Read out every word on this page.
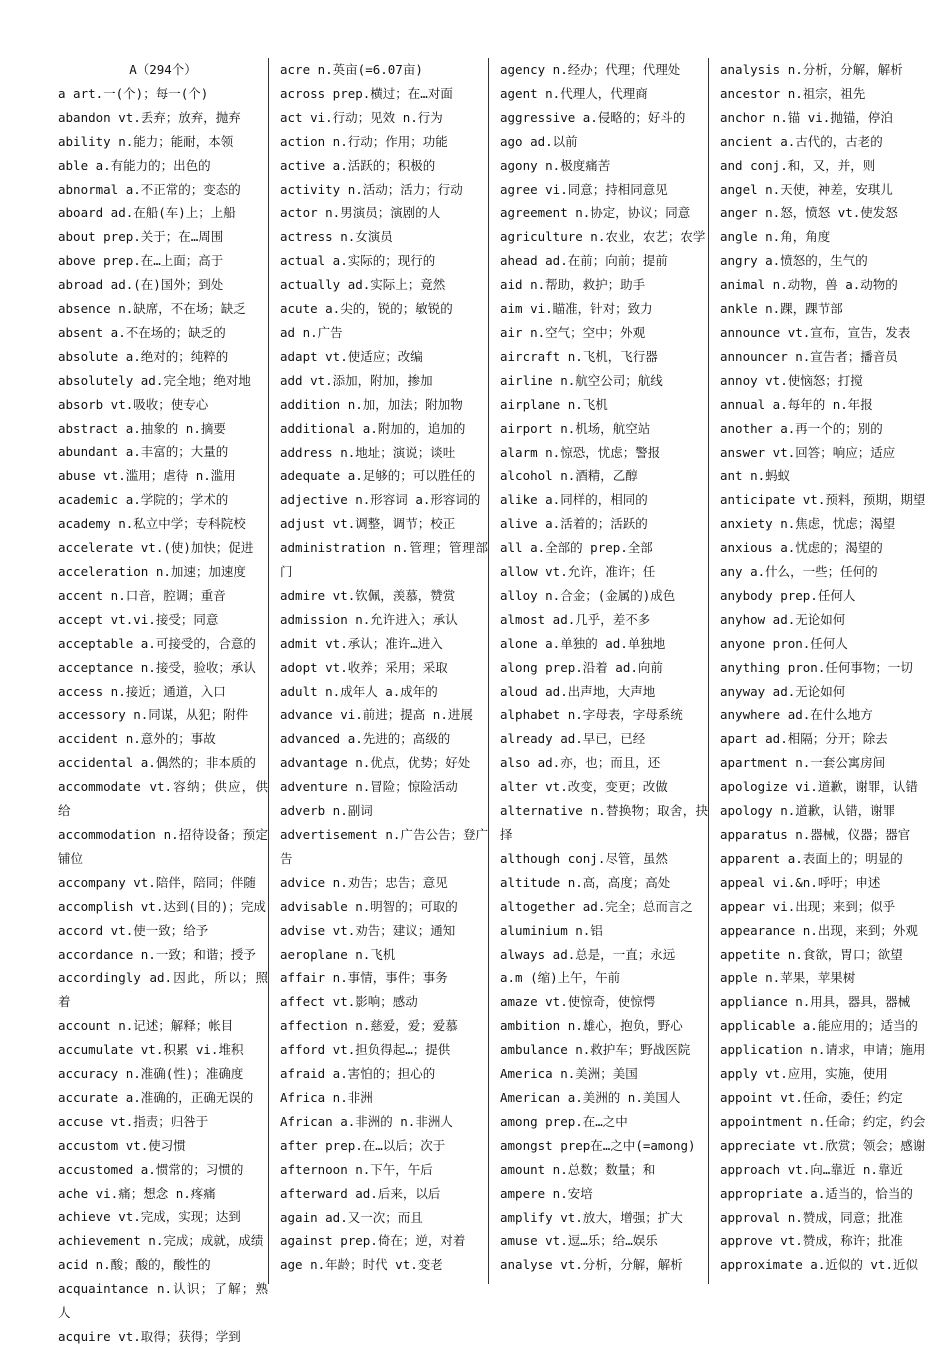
A（294个）
a art.一(个)；每一(个)
abandon vt.丢弃；放弃，抛弃
ability n.能力；能耐，本领
able a.有能力的；出色的
abnormal a.不正常的；变态的
aboard ad.在船(车)上；上船
about prep.关于；在…周围
above prep.在…上面；高于
abroad ad.(在)国外；到处
absence n.缺席，不在场；缺乏
absent a.不在场的；缺乏的
absolute a.绝对的；纯粹的
absolutely ad.完全地；绝对地
absorb vt.吸收；使专心
abstract a.抽象的 n.摘要
abundant a.丰富的；大量的
abuse vt.滥用；虐待 n.滥用
academic a.学院的；学术的
academy n.私立中学；专科院校
accelerate vt.(使)加快；促进
acceleration n.加速；加速度
accent n.口音，腔调；重音
accept vt.vi.接受；同意
acceptable a.可接受的，合意的
acceptance n.接受，验收；承认
access n.接近；通道，入口
accessory n.同谋，从犯；附件
accident n.意外的；事故
accidental a.偶然的；非本质的
accommodate vt.容纳；供应，供给
accommodation n.招待设备；预定铺位
accompany vt.陪伴，陪同；伴随
accomplish vt.达到(目的)；完成
accord vt.使一致；给予
accordance n.一致；和谐；授予
accordingly ad.因此，所以；照着
account n.记述；解释；帐目
accumulate vt.积累 vi.堆积
accuracy n.准确(性)；准确度
accurate a.准确的，正确无误的
accuse vt.指责；归咎于
accustom vt.使习惯
accustomed a.惯常的；习惯的
ache vi.痛；想念 n.疼痛
achieve vt.完成，实现；达到
achievement n.完成；成就，成绩
acid n.酸；酸的，酸性的
acquaintance n.认识；了解；熟人
acquire vt.取得；获得；学到
acre n.英亩(=6.07亩)
across prep.横过；在…对面
act vi.行动；见效 n.行为
action n.行动；作用；功能
active a.活跃的；积极的
activity n.活动；活力；行动
actor n.男演员；演剧的人
actress n.女演员
actual a.实际的；现行的
actually ad.实际上；竟然
acute a.尖的，锐的；敏锐的
ad n.广告
adapt vt.使适应；改编
add vt.添加，附加，掺加
addition n.加，加法；附加物
additional a.附加的，追加的
address n.地址；演说；谈吐
adequate a.足够的；可以胜任的
adjective n.形容词 a.形容词的
adjust vt.调整，调节；校正
administration n.管理；管理部门
admire vt.钦佩，羡慕，赞赏
admission n.允许进入；承认
admit vt.承认；准许…进入
adopt vt.收养；采用；采取
adult n.成年人 a.成年的
advance vi.前进；提高 n.进展
advanced a.先进的；高级的
advantage n.优点，优势；好处
adventure n.冒险；惊险活动
adverb n.副词
advertisement n.广告公告；登广告
advice n.劝告；忠告；意见
advisable n.明智的；可取的
advise vt.劝告；建议；通知
aeroplane n.飞机
affair n.事情，事件；事务
affect vt.影响；感动
affection n.慈爱，爱；爱慕
afford vt.担负得起…；提供
afraid a.害怕的；担心的
Africa n.非洲
African a.非洲的 n.非洲人
after prep.在…以后；次于
afternoon n.下午，午后
afterward ad.后来，以后
again ad.又一次；而且
against prep.倚在；逆，对着
age n.年龄；时代 vt.变老
agency n.经办；代理；代理处
agent n.代理人，代理商
aggressive a.侵略的；好斗的
ago ad.以前
agony n.极度痛苦
agree vi.同意；持相同意见
agreement n.协定，协议；同意
agriculture n.农业，农艺；农学
ahead ad.在前；向前；提前
aid n.帮助，救护；助手
aim vi.瞄准，针对；致力
air n.空气；空中；外观
aircraft n.飞机，飞行器
airline n.航空公司；航线
airplane n.飞机
airport n.机场，航空站
alarm n.惊恐，忧虑；警报
alcohol n.酒精，乙醇
alike a.同样的，相同的
alive a.活着的；活跃的
all a.全部的 prep.全部
allow vt.允许，准许；任
alloy n.合金；(金属的)成色
almost ad.几乎，差不多
alone a.单独的 ad.单独地
along prep.沿着 ad.向前
aloud ad.出声地，大声地
alphabet n.字母表，字母系统
already ad.早已，已经
also ad.亦，也；而且，还
alter vt.改变，变更；改做
alternative n.替换物；取舍，抉择
although conj.尽管，虽然
altitude n.高，高度；高处
altogether ad.完全；总而言之
aluminium n.铝
always ad.总是，一直；永远
a.m (缩)上午，午前
amaze vt.使惊奇，使惊愕
ambition n.雄心，抱负，野心
ambulance n.救护车；野战医院
America n.美洲；美国
American a.美洲的 n.美国人
among prep.在…之中
amongst prep在…之中(=among)
amount n.总数；数量；和
ampere n.安培
amplify vt.放大，增强；扩大
amuse vt.逗…乐；给…娱乐
analyse vt.分析，分解，解析
analysis n.分析，分解，解析
ancestor n.祖宗，祖先
anchor n.锚 vi.抛锚，停泊
ancient a.古代的，古老的
and conj.和，又，并，则
angel n.天使，神差，安琪儿
anger n.怒，愤怒 vt.使发怒
angle n.角，角度
angry a.愤怒的，生气的
animal n.动物，兽 a.动物的
ankle n.踝，踝节部
announce vt.宣布，宣告，发表
announcer n.宣告者；播音员
annoy vt.使恼怒；打搅
annual a.每年的 n.年报
another a.再一个的；别的
answer vt.回答；响应；适应
ant n.蚂蚁
anticipate vt.预料，预期，期望
anxiety n.焦虑，忧虑；渴望
anxious a.忧虑的；渴望的
any a.什么，一些；任何的
anybody prep.任何人
anyhow ad.无论如何
anyone pron.任何人
anything pron.任何事物；一切
anyway ad.无论如何
anywhere ad.在什么地方
apart ad.相隔；分开；除去
apartment n.一套公寓房间
apologize vi.道歉，谢罪，认错
apology n.道歉，认错，谢罪
apparatus n.器械，仪器；器官
apparent a.表面上的；明显的
appeal vi.&n.呼吁；申述
appear vi.出现；来到；似乎
appearance n.出现，来到；外观
appetite n.食欲，胃口；欲望
apple n.苹果，苹果树
appliance n.用具，器具，器械
applicable a.能应用的；适当的
application n.请求，申请；施用
apply vt.应用，实施，使用
appoint vt.任命，委任；约定
appointment n.任命；约定，约会
appreciate vt.欣赏；领会；感谢
approach vt.向…靠近 n.靠近
appropriate a.适当的，恰当的
approval n.赞成，同意；批准
approve vt.赞成，称许；批准
approximate a.近似的 vt.近似
